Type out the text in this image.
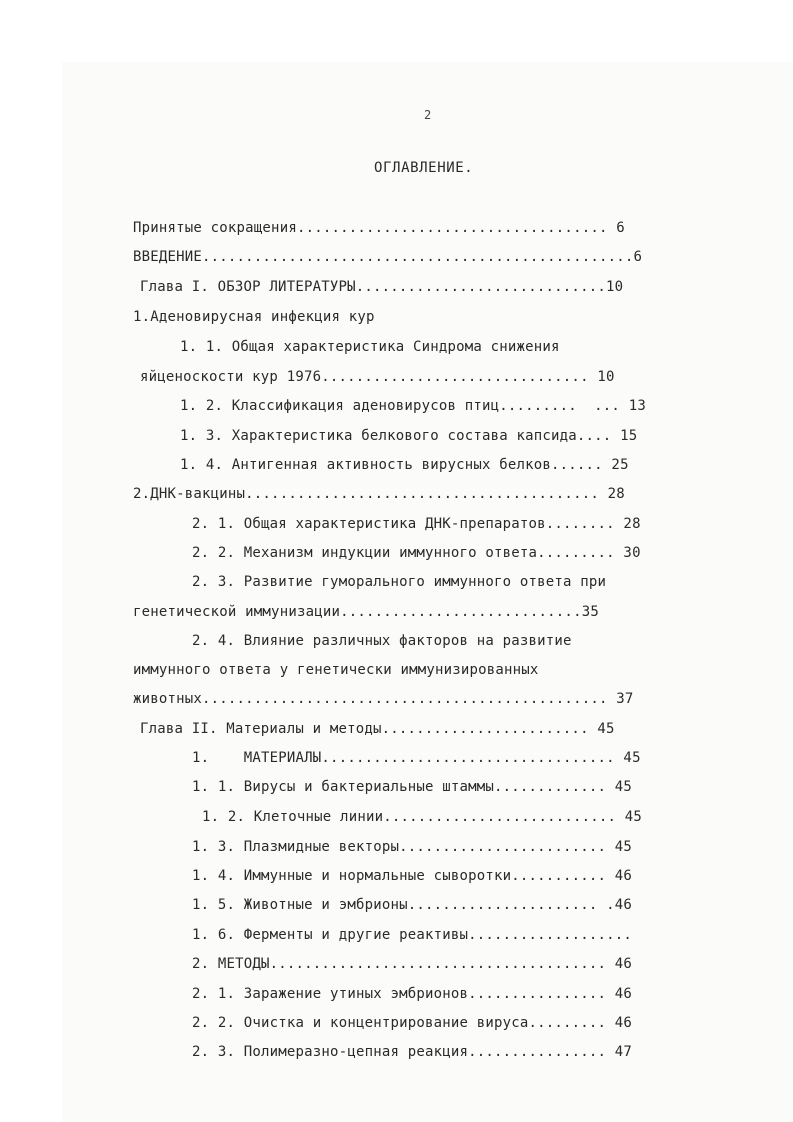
2
ОГЛАВЛЕНИЕ.
Принятые сокращения.................................... 6
ВВЕДЕНИЕ..................................................6
Глава I. ОБЗОР ЛИТЕРАТУРЫ.............................10
1.Аденовирусная инфекция кур
1. 1. Общая характеристика Синдрома снижения
яйценоскости кур 1976............................... 10
1. 2. Классификация аденовирусов птиц.........  ... 13
1. 3. Характеристика белкового состава капсида.... 15
1. 4. Антигенная активность вирусных белков...... 25
2.ДНК-вакцины......................................... 28
2. 1. Общая характеристика ДНК-препаратов........ 28
2. 2. Механизм индукции иммунного ответа......... 30
2. 3. Развитие гуморального иммунного ответа при
генетической иммунизации............................35
2. 4. Влияние различных факторов на развитие
иммунного ответа у генетически иммунизированных
животных............................................... 37
Глава II. Материалы и методы........................ 45
1.    МАТЕРИАЛЫ.................................. 45
1. 1. Вирусы и бактериальные штаммы............. 45
1. 2. Клеточные линии........................... 45
1. 3. Плазмидные векторы........................ 45
1. 4. Иммунные и нормальные сыворотки........... 46
1. 5. Животные и эмбрионы...................... .46
1. 6. Ферменты и другие реактивы...................
2. МЕТОДЫ....................................... 46
2. 1. Заражение утиных эмбрионов................ 46
2. 2. Очистка и концентрирование вируса......... 46
2. 3. Полимеразно-цепная реакция................ 47
